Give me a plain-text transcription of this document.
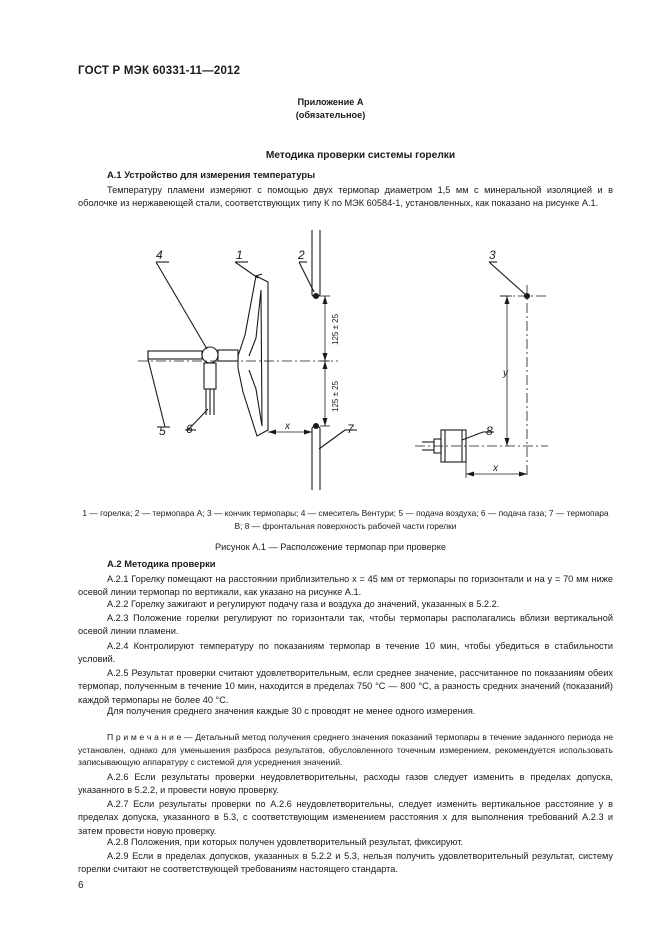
ГОСТ Р МЭК 60331-11—2012
Приложение А
(обязательное)
Методика проверки системы горелки
А.1 Устройство для измерения температуры
Температуру пламени измеряют с помощью двух термопар диаметром 1,5 мм с минеральной изоляцией и в оболочке из нержавеющей стали, соответствующих типу К по МЭК 60584-1, установленных, как показано на рисунке А.1.
4	1	2	3
5 6	7	8
x
x
y
125 ± 25
125 ± 25
1 — горелка; 2 — термопара А; 3 — кончик термопары; 4 — смеситель Вентури; 5 — подача воздуха; 6 — подача газа; 7 — термопара В; 8 — фронтальная поверхность рабочей части горелки
Рисунок А.1 — Расположение термопар при проверке
А.2 Методика проверки
А.2.1 Горелку помещают на расстоянии приблизительно x = 45 мм от термопары по горизонтали и на y = 70 мм ниже осевой линии термопар по вертикали, как указано на рисунке А.1.
А.2.2 Горелку зажигают и регулируют подачу газа и воздуха до значений, указанных в 5.2.2.
А.2.3 Положение горелки регулируют по горизонтали так, чтобы термопары располагались вблизи вертикальной осевой линии пламени.
А.2.4 Контролируют температуру по показаниям термопар в течение 10 мин, чтобы убедиться в стабильности условий.
А.2.5 Результат проверки считают удовлетворительным, если среднее значение, рассчитанное по показаниям обеих термопар, полученным в течение 10 мин, находится в пределах 750 °С — 800 °С, а разность средних значений (показаний) каждой термопары не более 40 °С.
Для получения среднего значения каждые 30 с проводят не менее одного измерения.
П р и м е ч а н и е — Детальный метод получения среднего значения показаний термопары в течение заданного периода не установлен, однако для уменьшения разброса результатов, обусловленного точечным измерением, рекомендуется использовать записывающую аппаратуру с системой для усреднения значений.
А.2.6 Если результаты проверки неудовлетворительны, расходы газов следует изменить в пределах допуска, указанного в 5.2.2, и провести новую проверку.
А.2.7 Если результаты проверки по А.2.6 неудовлетворительны, следует изменить вертикальное расстояние y в пределах допуска, указанного в 5.3, с соответствующим изменением расстояния x для выполнения требований А.2.3 и затем провести новую проверку.
А.2.8 Положения, при которых получен удовлетворительный результат, фиксируют.
А.2.9 Если в пределах допусков, указанных в 5.2.2 и 5.3, нельзя получить удовлетворительный результат, систему горелки считают не соответствующей требованиям настоящего стандарта.
6
